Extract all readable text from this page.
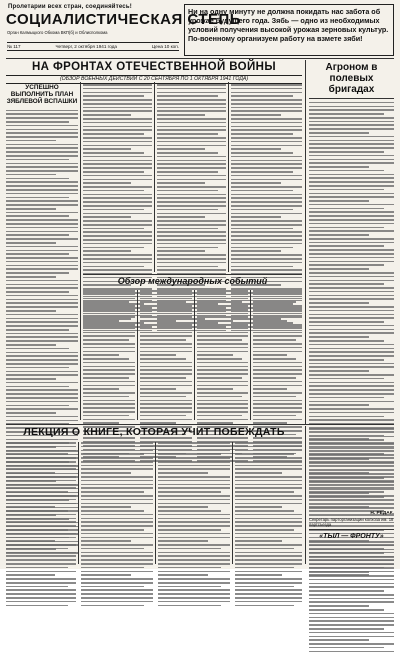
Пролетарии всех стран, соединяйтесь!
СОЦИАЛИСТИЧЕСКАЯ СТЕПЬ
Орган Калмыцкого Обкома ВКП(б) и Облисполкома
№ 117	Четверг, 2 октября 1941 года	Цена 10 коп.
Ни на одну минуту не должна покидать нас забота об урожае будущего года. Зябь — одно из необходимых условий получения высокой урожая зерновых культур. По-военному организуем работу на взмете зяби!
НА ФРОНТАХ ОТЕЧЕСТВЕННОЙ ВОЙНЫ
(ОБЗОР ВОЕННЫХ ДЕЙСТВИЙ С 20 СЕНТЯБРЯ ПО 1 ОКТЯБРЯ 1941 ГОДА)
УСПЕШНО ВЫПОЛНИТЬ ПЛАН ЗЯБЛЕВОЙ ВСПАШКИ
Агроном в полевых бригадах
Обзор международных событий
ЛЕКЦИЯ О КНИГЕ, КОТОРАЯ УЧИТ ПОБЕЖДАТЬ
Н. РЕДАК.
Секретарь парторганизации колхоза им. 18 партсъезда
«ТЫЛ — ФРОНТУ»
